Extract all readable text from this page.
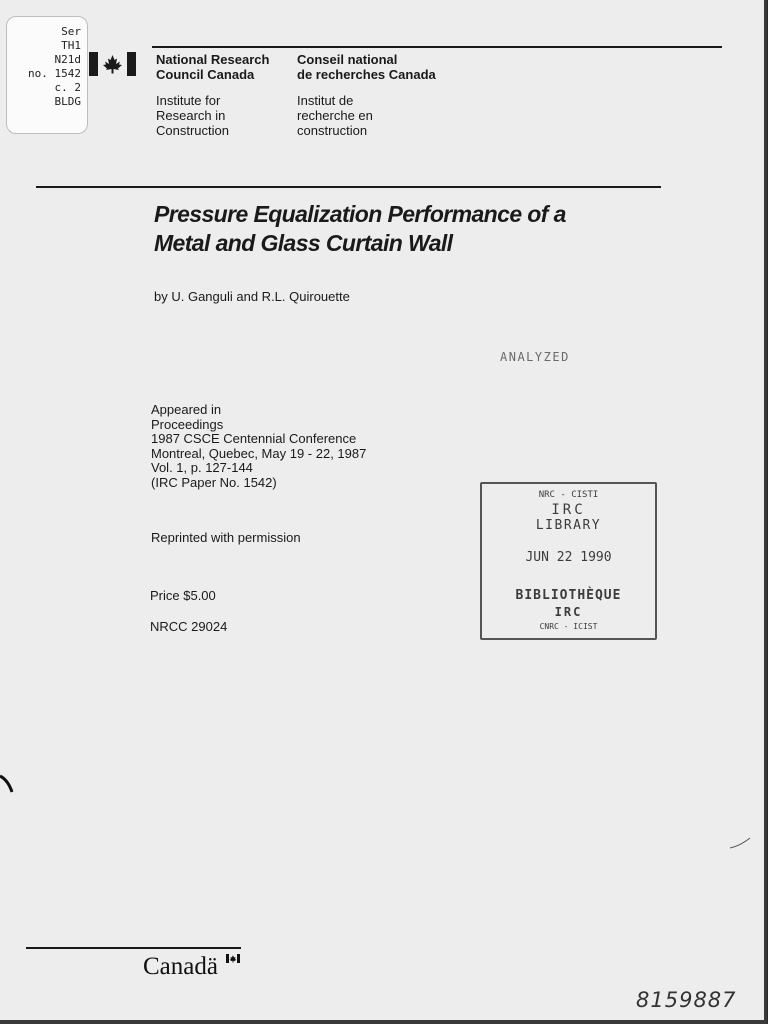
Ser
TH1
N21d
no. 1542
c. 2
BLDG
National Research
Council Canada
Conseil national
de recherches Canada
Institute for
Research in
Construction
Institut de
recherche en
construction
Pressure Equalization Performance of a
Metal and Glass Curtain Wall
by U. Ganguli and R.L. Quirouette
ANALYZED
Appeared in
Proceedings
1987 CSCE Centennial Conference
Montreal, Quebec, May 19 - 22, 1987
Vol. 1, p. 127-144
(IRC Paper No. 1542)
Reprinted with permission
Price $5.00
NRCC 29024
NRC - CISTI
IRC
LIBRARY
JUN 22 1990
BIBLIOTHÈQUE
IRC
CNRC - ICIST
Canadä
8159887
